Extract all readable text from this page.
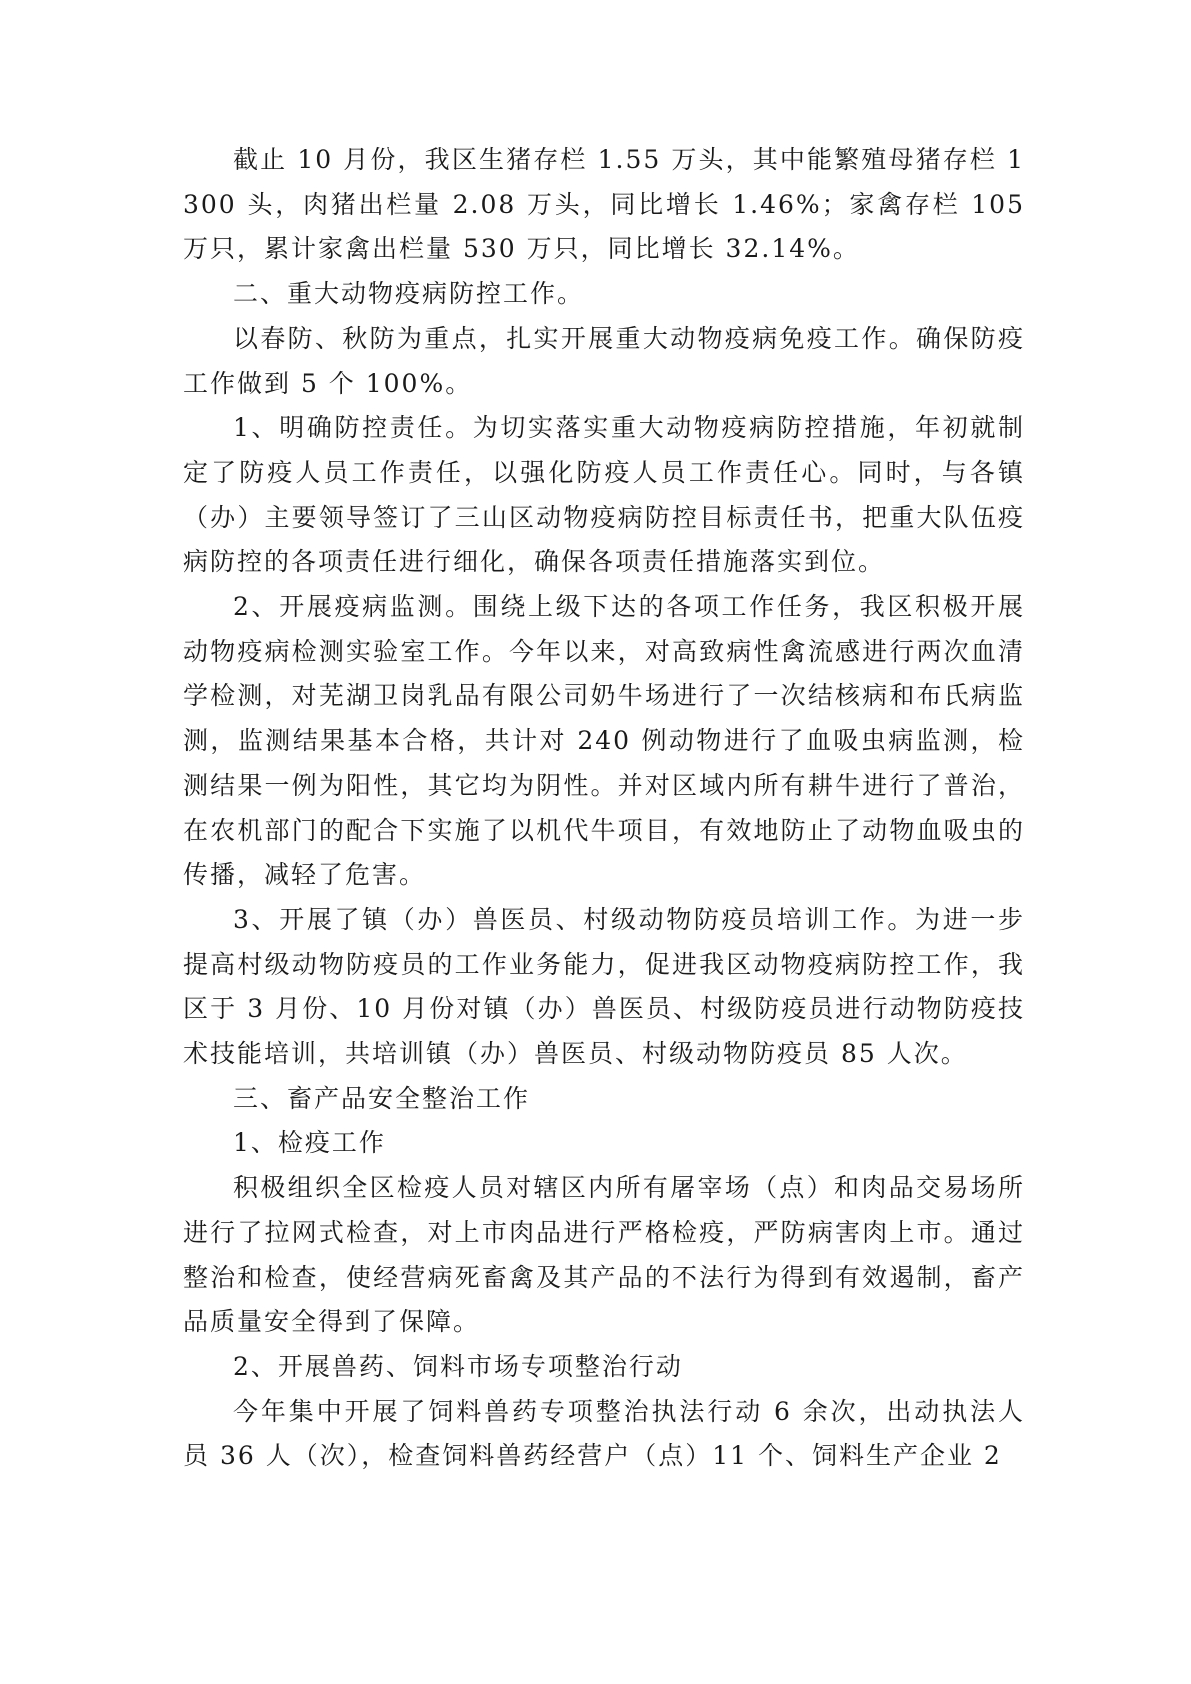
截止 10 月份，我区生猪存栏 1.55 万头，其中能繁殖母猪存栏 1300 头，肉猪出栏量 2.08 万头，同比增长 1.46%；家禽存栏 105 万只，累计家禽出栏量 530 万只，同比增长 32.14%。

二、重大动物疫病防控工作。

以春防、秋防为重点，扎实开展重大动物疫病免疫工作。确保防疫工作做到 5 个 100%。

1、明确防控责任。为切实落实重大动物疫病防控措施，年初就制定了防疫人员工作责任，以强化防疫人员工作责任心。同时，与各镇（办）主要领导签订了三山区动物疫病防控目标责任书，把重大队伍疫病防控的各项责任进行细化，确保各项责任措施落实到位。

2、开展疫病监测。围绕上级下达的各项工作任务，我区积极开展动物疫病检测实验室工作。今年以来，对高致病性禽流感进行两次血清学检测，对芜湖卫岗乳品有限公司奶牛场进行了一次结核病和布氏病监测，监测结果基本合格，共计对 240 例动物进行了血吸虫病监测，检测结果一例为阳性，其它均为阴性。并对区域内所有耕牛进行了普治，在农机部门的配合下实施了以机代牛项目，有效地防止了动物血吸虫的传播，减轻了危害。

3、开展了镇（办）兽医员、村级动物防疫员培训工作。为进一步提高村级动物防疫员的工作业务能力，促进我区动物疫病防控工作，我区于 3 月份、10 月份对镇（办）兽医员、村级防疫员进行动物防疫技术技能培训，共培训镇（办）兽医员、村级动物防疫员 85 人次。

三、畜产品安全整治工作

1、检疫工作

积极组织全区检疫人员对辖区内所有屠宰场（点）和肉品交易场所进行了拉网式检查，对上市肉品进行严格检疫，严防病害肉上市。通过整治和检查，使经营病死畜禽及其产品的不法行为得到有效遏制，畜产品质量安全得到了保障。

2、开展兽药、饲料市场专项整治行动

今年集中开展了饲料兽药专项整治执法行动 6 余次，出动执法人员 36 人（次），检查饲料兽药经营户（点）11 个、饲料生产企业 2
